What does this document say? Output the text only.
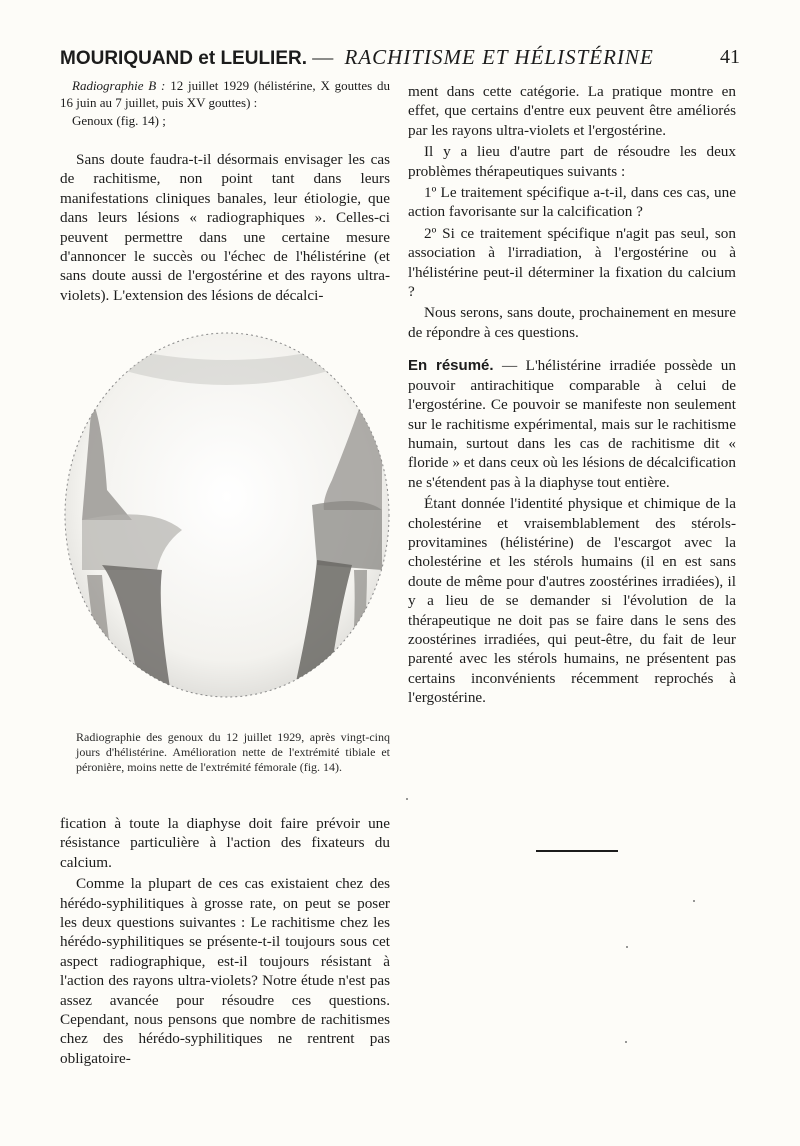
MOURIQUAND et LEULIER. — RACHITISME ET HÉLISTÉRINE	41

Radiographie B : 12 juillet 1929 (hélistérine, X gouttes du 16 juin au 7 juillet, puis XV gouttes) :

Genoux (fig. 14) ;

Sans doute faudra-t-il désormais envisager les cas de rachitisme, non point tant dans leurs manifestations cliniques banales, leur étiologie, que dans leurs lésions « radiographiques ». Celles-ci peuvent permettre dans une certaine mesure d'annoncer le succès ou l'échec de l'hélistérine (et sans doute aussi de l'ergostérine et des rayons ultra-violets). L'extension des lésions de décalci-

Radiographie des genoux du 12 juillet 1929, après vingt-cinq jours d'hélistérine. Amélioration nette de l'extrémité tibiale et péronière, moins nette de l'extrémité fémorale (fig. 14).

fication à toute la diaphyse doit faire prévoir une résistance particulière à l'action des fixateurs du calcium.

Comme la plupart de ces cas existaient chez des hérédo-syphilitiques à grosse rate, on peut se poser les deux questions suivantes : Le rachitisme chez les hérédo-syphilitiques se présente-t-il toujours sous cet aspect radiographique, est-il toujours résistant à l'action des rayons ultra-violets? Notre étude n'est pas assez avancée pour résoudre ces questions. Cependant, nous pensons que nombre de rachitismes chez des hérédo-syphilitiques ne rentrent pas obligatoire-

ment dans cette catégorie. La pratique montre en effet, que certains d'entre eux peuvent être améliorés par les rayons ultra-violets et l'ergostérine.

Il y a lieu d'autre part de résoudre les deux problèmes thérapeutiques suivants :

1º Le traitement spécifique a-t-il, dans ces cas, une action favorisante sur la calcification ?

2º Si ce traitement spécifique n'agit pas seul, son association à l'irradiation, à l'ergostérine ou à l'hélistérine peut-il déterminer la fixation du calcium ?

Nous serons, sans doute, prochainement en mesure de répondre à ces questions.

En résumé. — L'hélistérine irradiée possède un pouvoir antirachitique comparable à celui de l'ergostérine. Ce pouvoir se manifeste non seulement sur le rachitisme expérimental, mais sur le rachitisme humain, surtout dans les cas de rachitisme dit « floride » et dans ceux où les lésions de décalcification ne s'étendent pas à la diaphyse tout entière.

Étant donnée l'identité physique et chimique de la cholestérine et vraisemblablement des stérols-provitamines (hélistérine) de l'escargot avec la cholestérine et les stérols humains (il en est sans doute de même pour d'autres zoostérines irradiées), il y a lieu de se demander si l'évolution de la thérapeutique ne doit pas se faire dans le sens des zoostérines irradiées, qui peut-être, du fait de leur parenté avec les stérols humains, ne présentent pas certains inconvénients récemment reprochés à l'ergostérine.
